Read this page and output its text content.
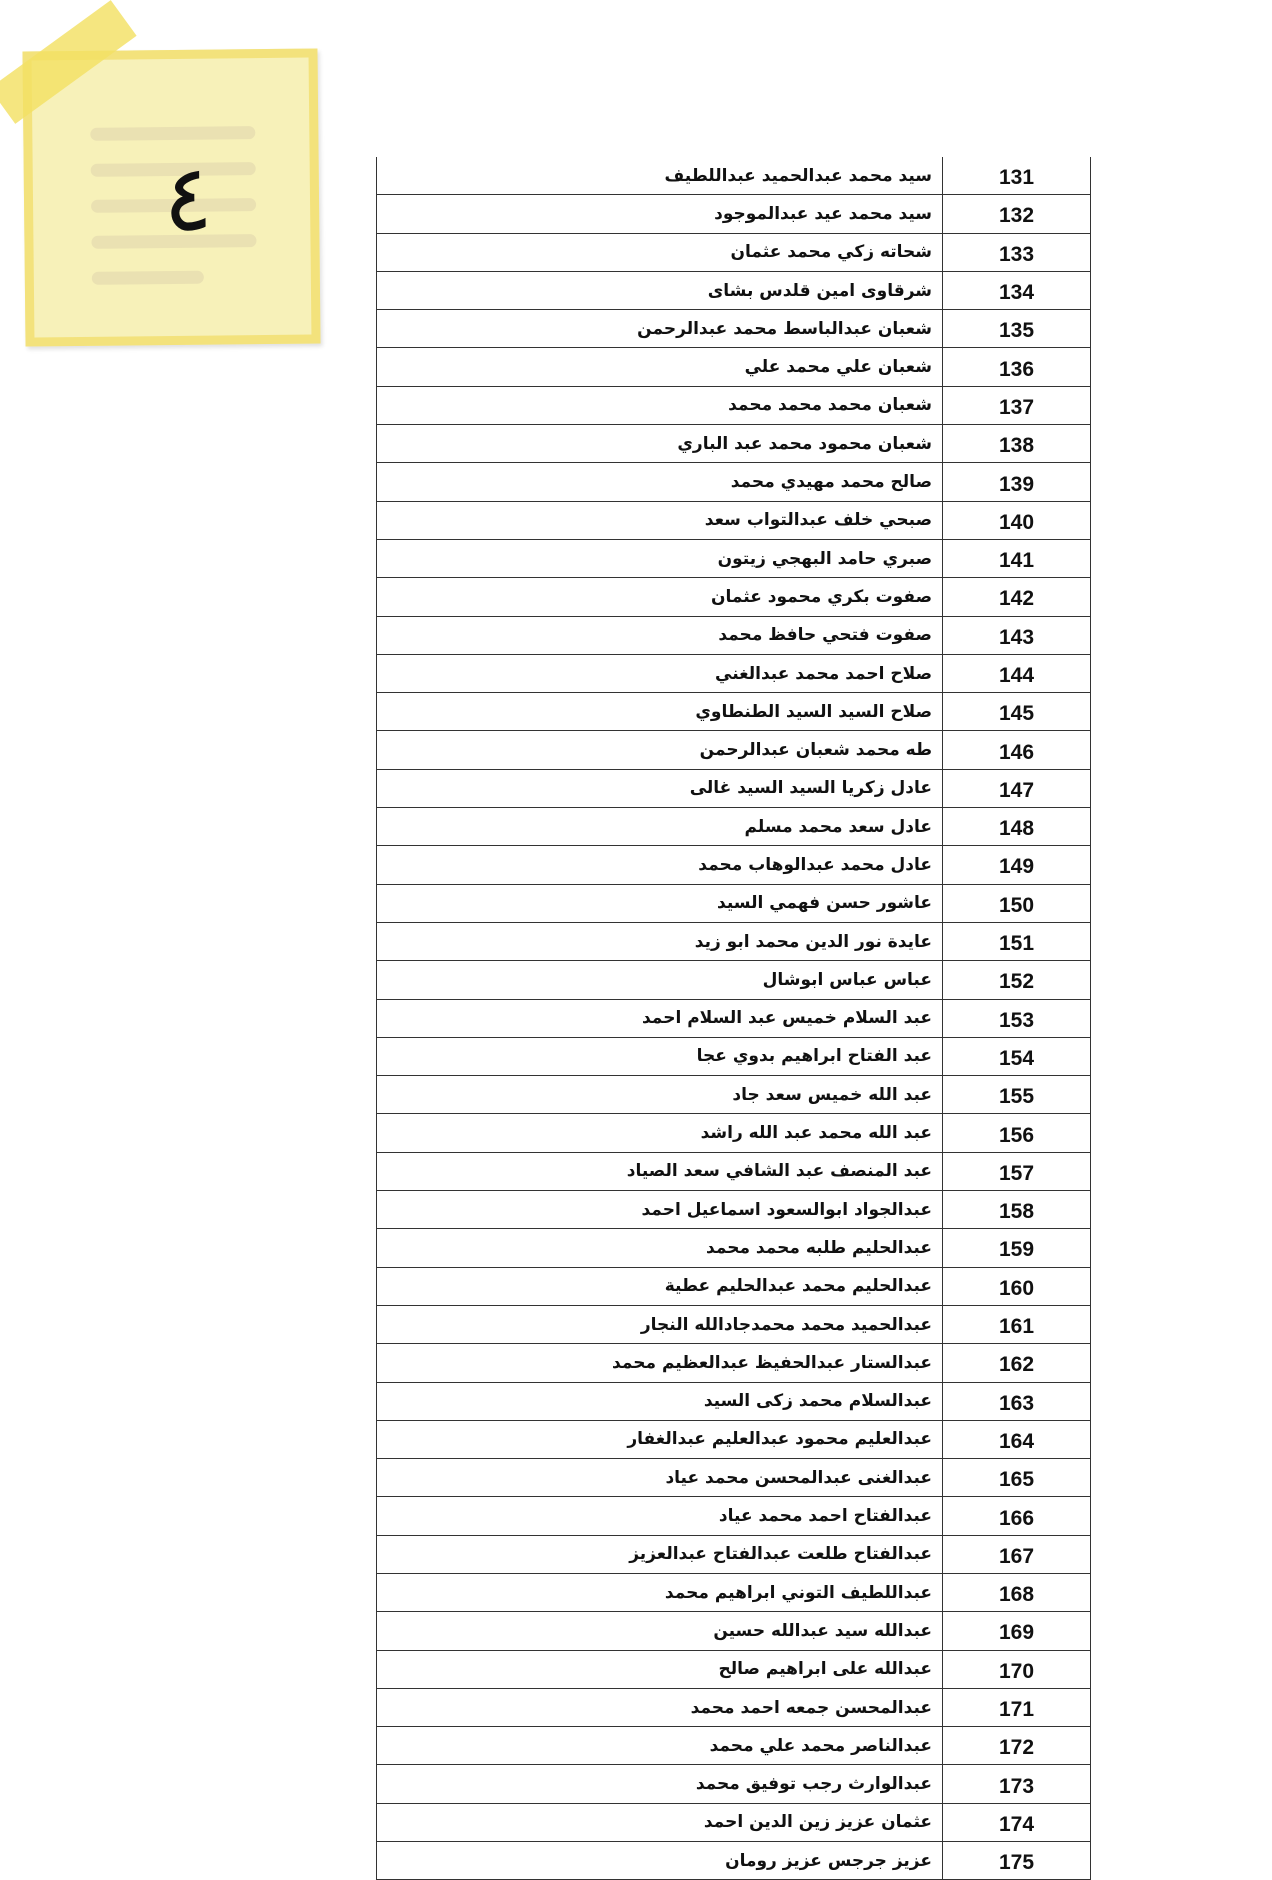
٤	سيد محمد عبدالحميد عبداللطيف	131
سيد محمد عيد عبدالموجود	132
شحاته زكي محمد عثمان	133
شرقاوى امين قلدس بشاى	134
شعبان عبدالباسط محمد عبدالرحمن	135
شعبان علي محمد علي	136
شعبان محمد محمد محمد	137
شعبان محمود محمد عبد الباري	138
صالح محمد مهيدي محمد	139
صبحي خلف عبدالتواب سعد	140
صبري حامد البهجي زيتون	141
صفوت بكري محمود عثمان	142
صفوت فتحي حافظ محمد	143
صلاح احمد محمد عبدالغني	144
صلاح السيد السيد الطنطاوي	145
طه محمد شعبان عبدالرحمن	146
عادل زكريا السيد السيد غالى	147
عادل سعد محمد مسلم	148
عادل محمد عبدالوهاب محمد	149
عاشور حسن فهمي السيد	150
عايدة نور الدين محمد ابو زيد	151
عباس عباس ابوشال	152
عبد السلام خميس عبد السلام احمد	153
عبد الفتاح ابراهيم بدوي عجا	154
عبد الله خميس سعد جاد	155
عبد الله محمد عبد الله راشد	156
عبد المنصف عبد الشافي سعد الصياد	157
عبدالجواد ابوالسعود اسماعيل احمد	158
عبدالحليم طلبه محمد محمد	159
عبدالحليم محمد عبدالحليم عطية	160
عبدالحميد محمد محمدجادالله النجار	161
عبدالستار عبدالحفيظ عبدالعظيم محمد	162
عبدالسلام محمد زكى السيد	163
عبدالعليم محمود عبدالعليم عبدالغفار	164
عبدالغنى عبدالمحسن محمد عياد	165
عبدالفتاح احمد محمد عياد	166
عبدالفتاح طلعت عبدالفتاح عبدالعزيز	167
عبداللطيف التوني ابراهيم محمد	168
عبدالله سيد عبدالله حسين	169
عبدالله على ابراهيم صالح	170
عبدالمحسن جمعه احمد محمد	171
عبدالناصر محمد علي محمد	172
عبدالوارث رجب توفيق محمد	173
عثمان عزيز زين الدين احمد	174
عزيز جرجس عزيز رومان	175
